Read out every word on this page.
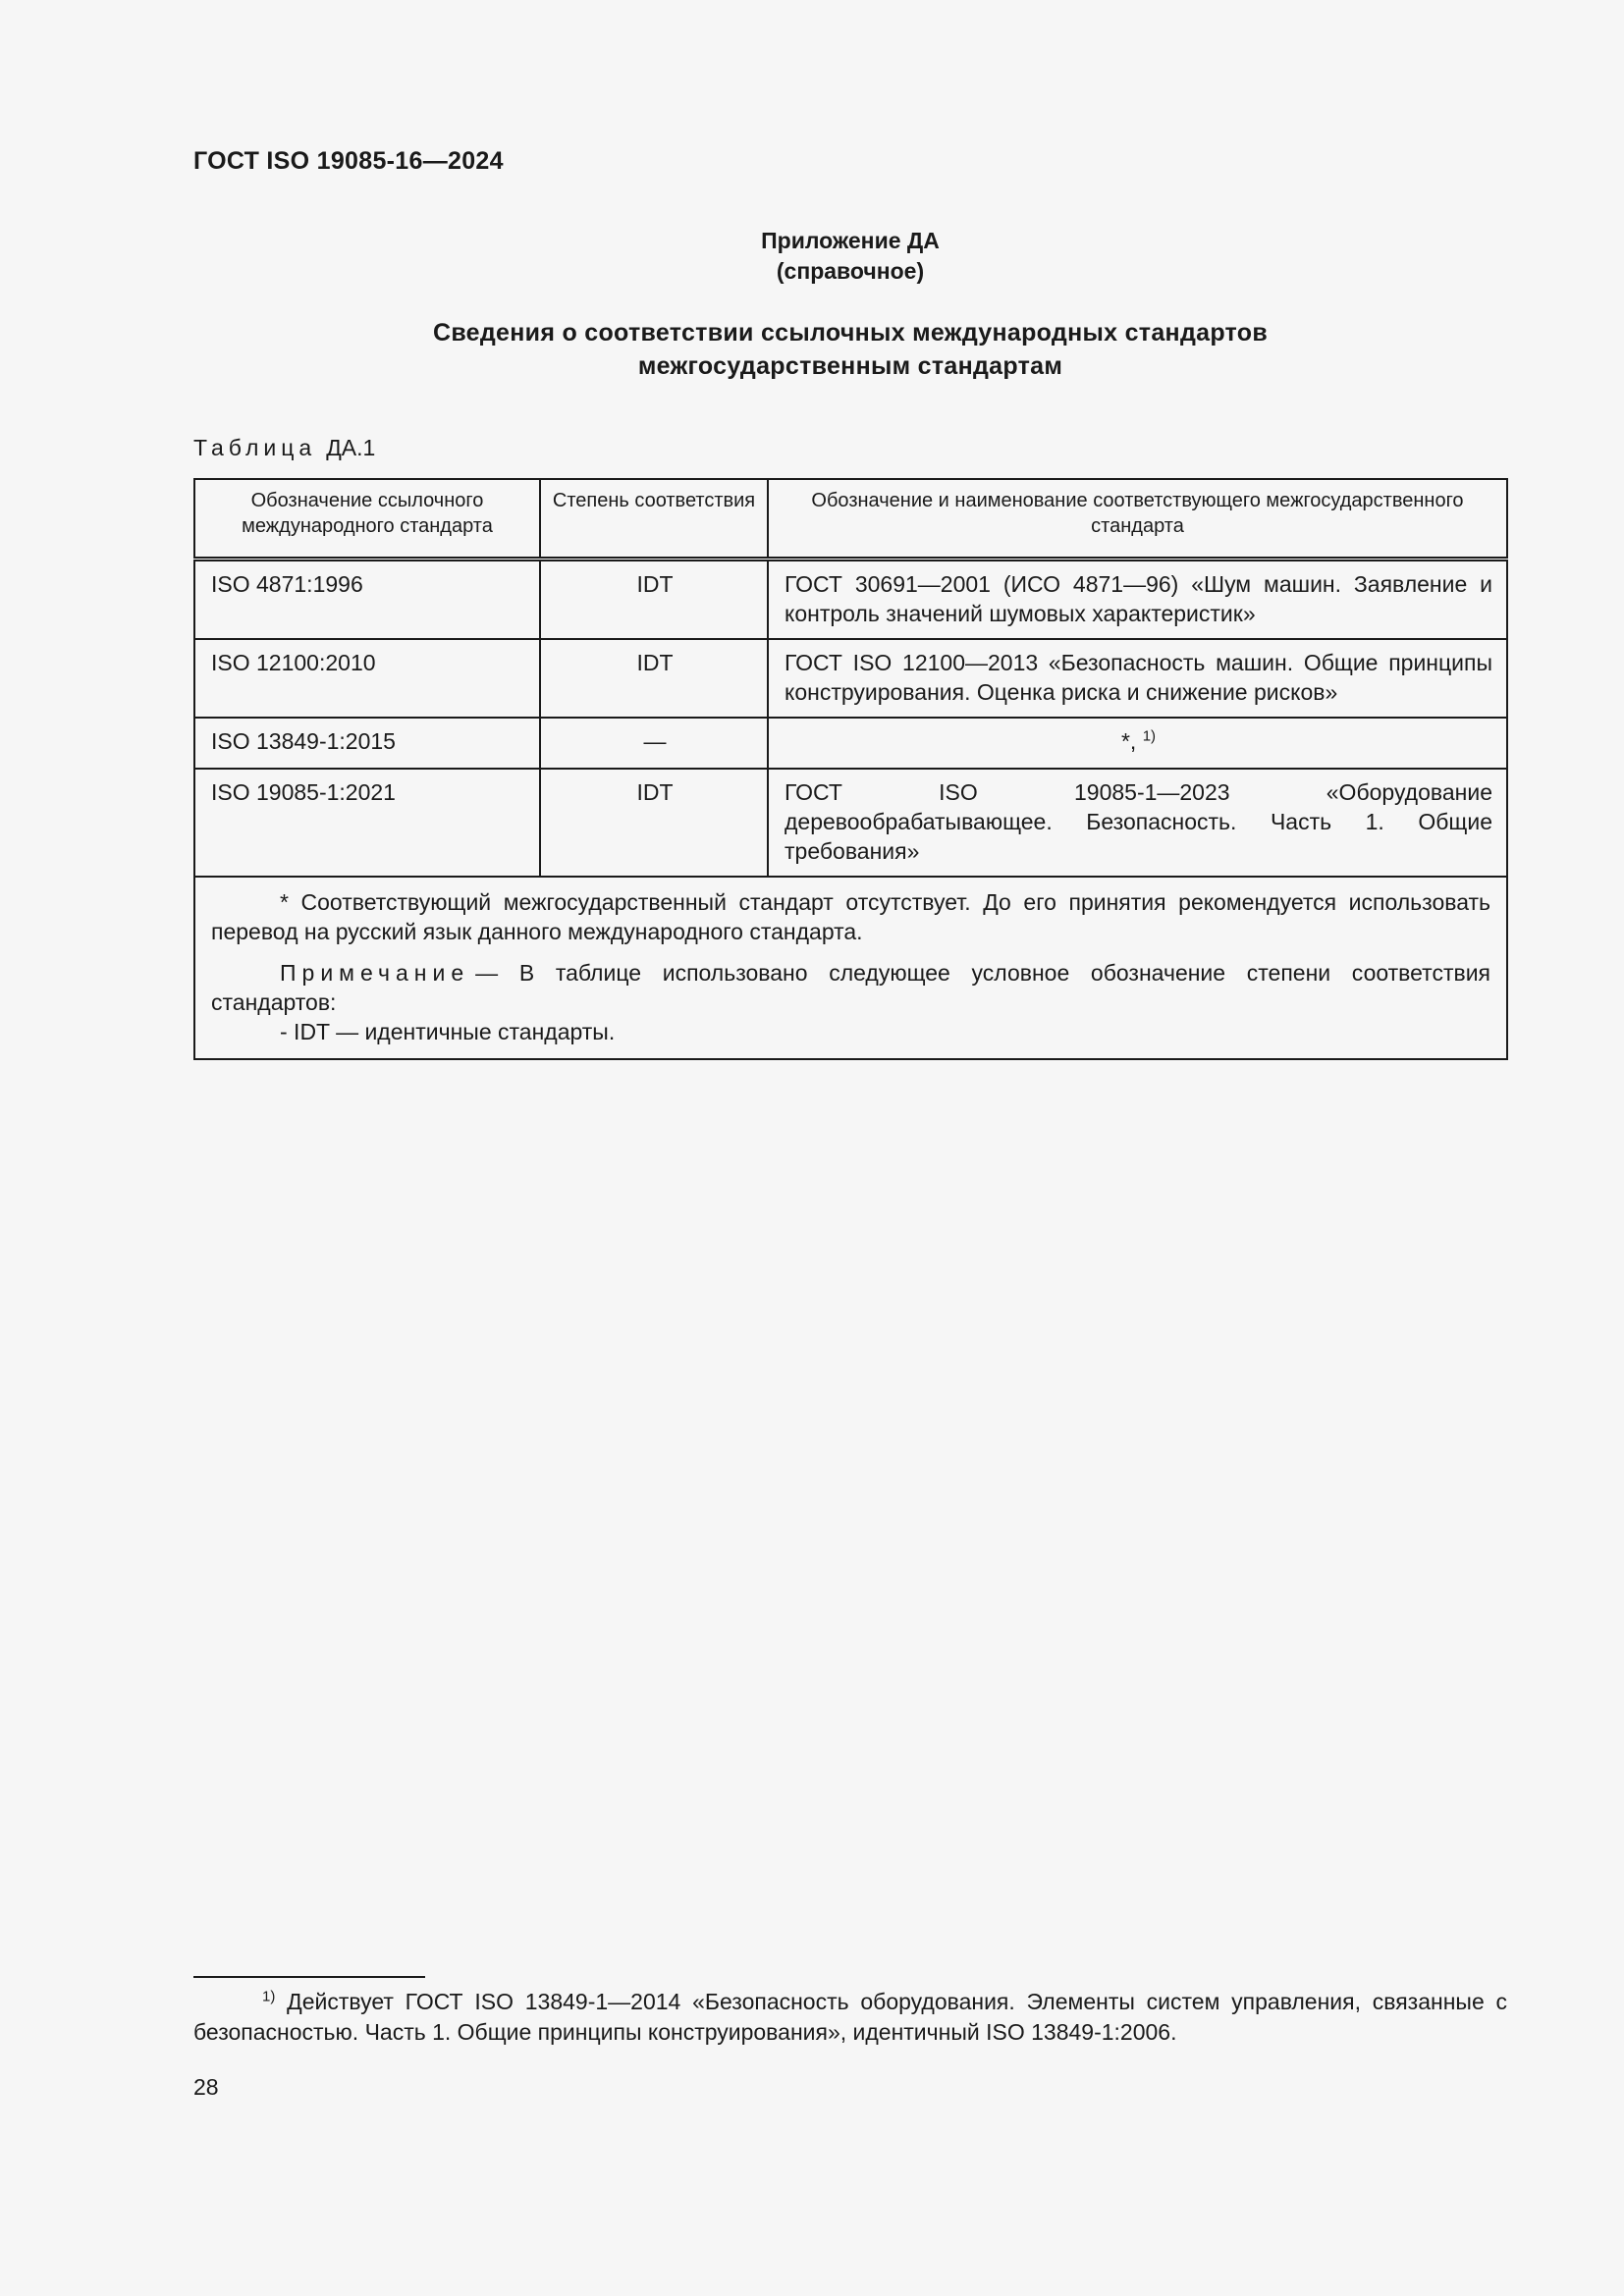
ГОСТ ISO 19085-16—2024
Приложение ДА
(справочное)
Сведения о соответствии ссылочных международных стандартов
межгосударственным стандартам
Таблица ДА.1
Обозначение ссылочного международного стандарта	Степень соответствия	Обозначение и наименование соответствующего межгосударственного стандарта
ISO 4871:1996	IDT	ГОСТ 30691—2001 (ИСО 4871—96) «Шум машин. Заявление и контроль значений шумовых характеристик»
ISO 12100:2010	IDT	ГОСТ ISO 12100—2013 «Безопасность машин. Общие принципы конструирования. Оценка риска и снижение рисков»
ISO 13849-1:2015	—	*, $^{1)}$
ISO 19085-1:2021	IDT	ГОСТ ISO 19085-1—2023 «Оборудование деревообрабатывающее. Безопасность. Часть 1. Общие требования»

* Соответствующий межгосударственный стандарт отсутствует. До его принятия рекомендуется использовать перевод на русский язык данного международного стандарта.

Примечание — В таблице использовано следующее условное обозначение степени соответствия стандартов:

- IDT — идентичные стандарты.		

$^{1)}$ Действует ГОСТ ISO 13849-1—2014 «Безопасность оборудования. Элементы систем управления, связанные с безопасностью. Часть 1. Общие принципы конструирования», идентичный ISO 13849-1:2006.
28
